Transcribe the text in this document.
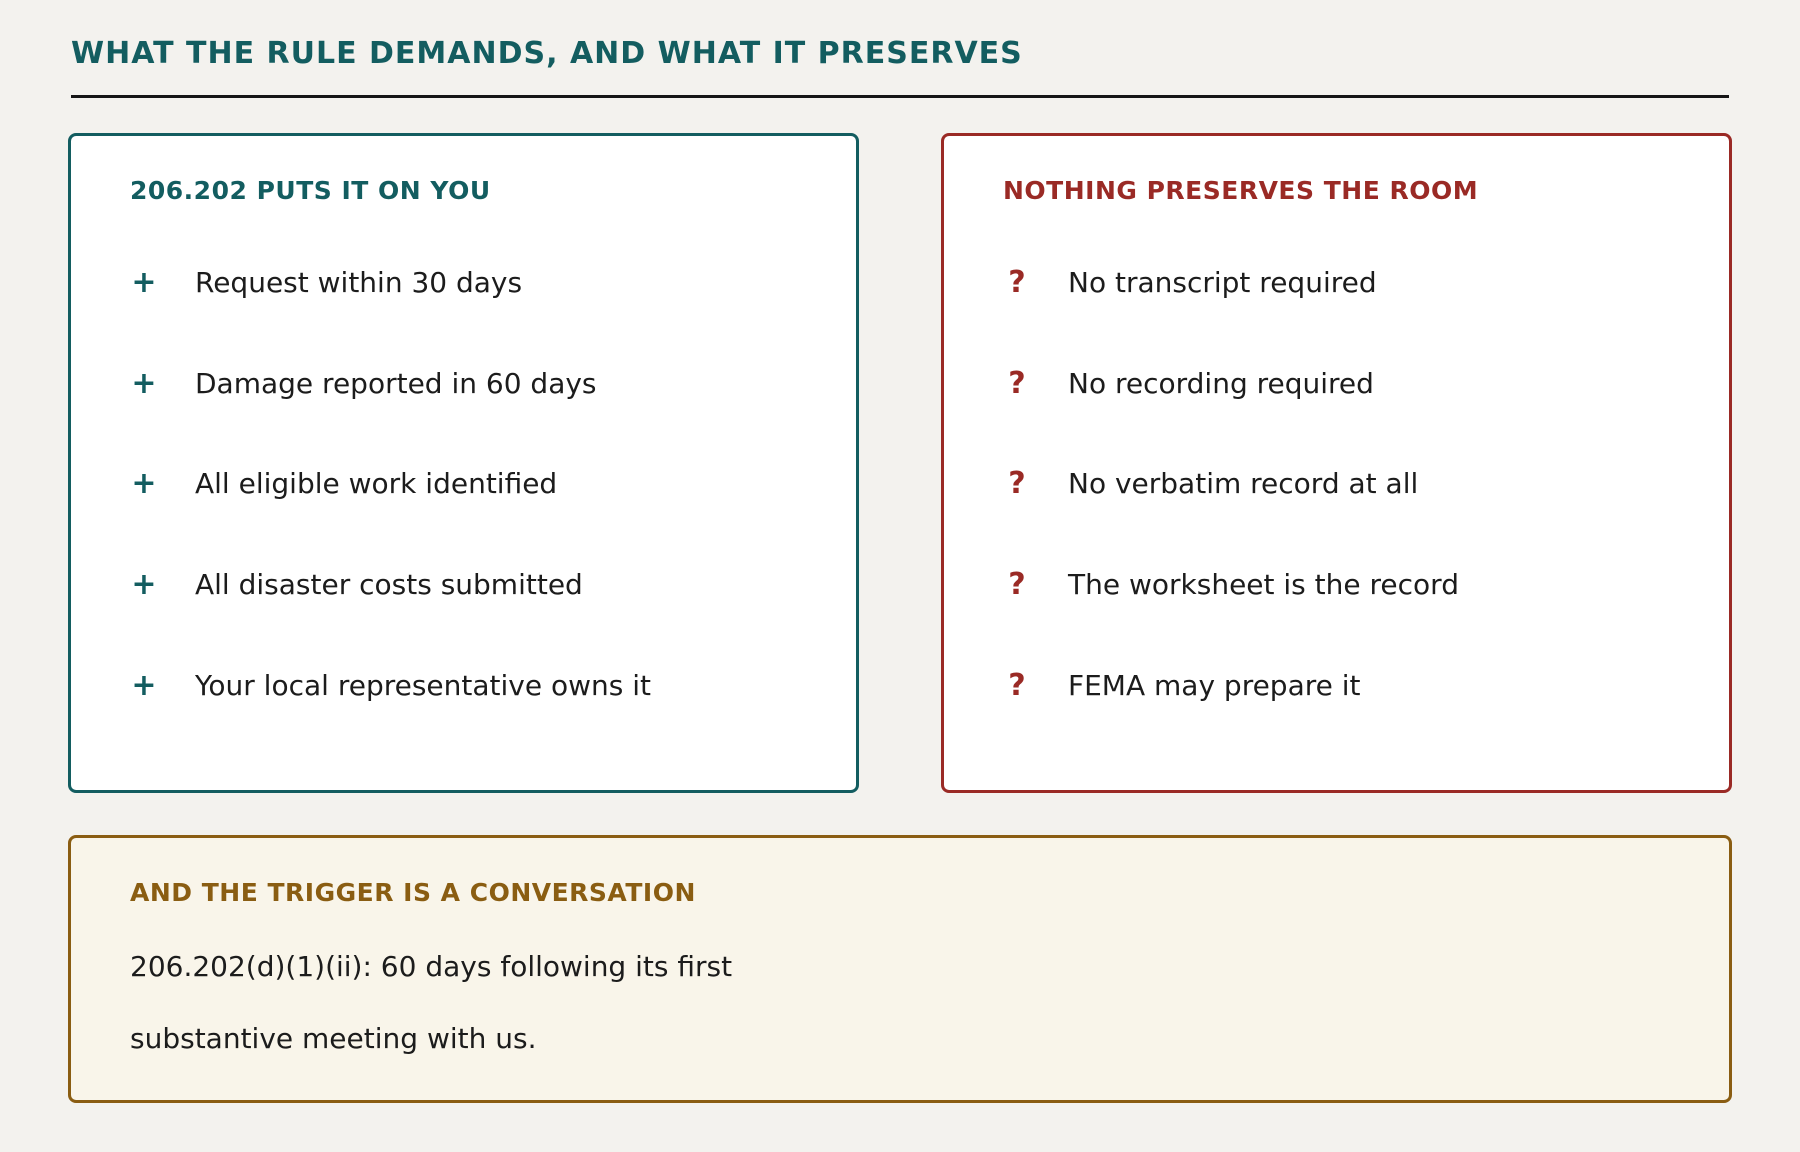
WHAT THE RULE DEMANDS, AND WHAT IT PRESERVES
206.202 PUTS IT ON YOU
+ Request within 30 days
+ Damage reported in 60 days
+ All eligible work identified
+ All disaster costs submitted
+ Your local representative owns it
NOTHING PRESERVES THE ROOM
?	No transcript required
?	No recording required
?	No verbatim record at all
?	The worksheet is the record
?	FEMA may prepare it
AND THE TRIGGER IS A CONVERSATION
206.202(d)(1)(ii): 60 days following its first
substantive meeting with us.
